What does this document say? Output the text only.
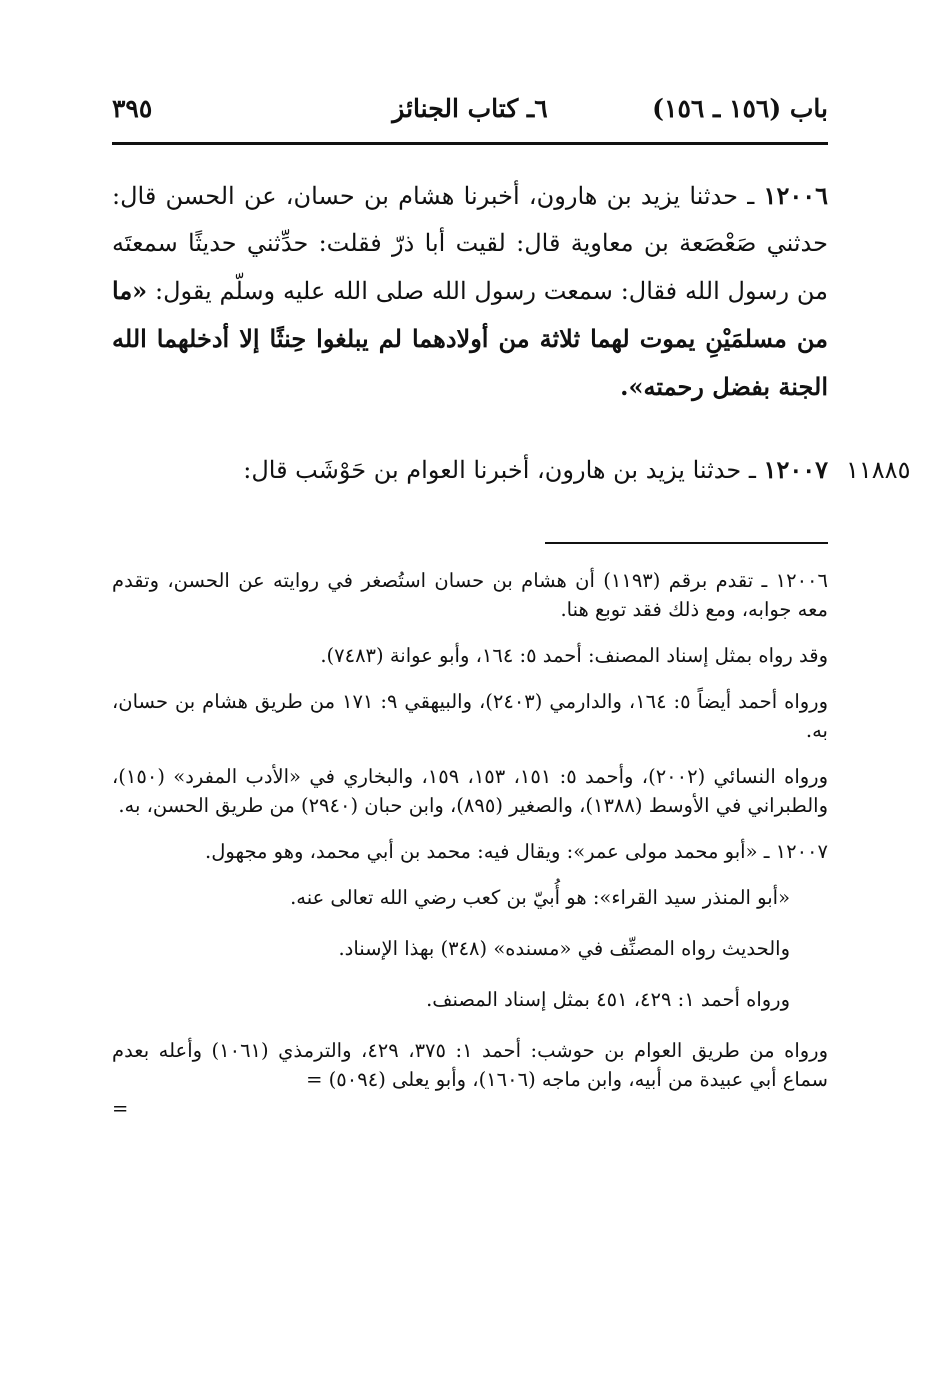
باب (١٥٦ ـ ١٥٦)
٦ـ كتاب الجنائز
٣٩٥

١٢٠٠٦ ـ حدثنا يزيد بن هارون، أخبرنا هشام بن حسان، عن الحسن قال: حدثني صَعْصَعة بن معاوية قال: لقيت أبا ذرّ فقلت: حدِّثني حديثًا سمعتَه من رسول الله فقال: سمعت رسول الله صلى الله عليه وسلّم يقول: «ما من مسلمَيْنِ يموت لهما ثلاثة من أولادهما لم يبلغوا حِنثًا إلا أدخلهما الله الجنة بفضل رحمته».

١٢٠٠٧ ـ حدثنا يزيد بن هارون، أخبرنا العوام بن حَوْشَب قال:	١١٨٨٥

١٢٠٠٦ ـ تقدم برقم (١١٩٣) أن هشام بن حسان استُصغر في روايته عن الحسن، وتقدم معه جوابه، ومع ذلك فقد توبع هنا.

وقد رواه بمثل إسناد المصنف: أحمد ٥: ١٦٤، وأبو عوانة (٧٤٨٣).

ورواه أحمد أيضاً ٥: ١٦٤، والدارمي (٢٤٠٣)، والبيهقي ٩: ١٧١ من طريق هشام بن حسان، به.

ورواه النسائي (٢٠٠٢)، وأحمد ٥: ١٥١، ١٥٣، ١٥٩، والبخاري في «الأدب المفرد» (١٥٠)، والطبراني في الأوسط (١٣٨٨)، والصغير (٨٩٥)، وابن حبان (٢٩٤٠) من طريق الحسن، به.

١٢٠٠٧ ـ «أبو محمد مولى عمر»: ويقال فيه: محمد بن أبي محمد، وهو مجهول.

«أبو المنذر سيد القراء»: هو أُبيّ بن كعب رضي الله تعالى عنه.

والحديث رواه المصنِّف في «مسنده» (٣٤٨) بهذا الإسناد.

ورواه أحمد ١: ٤٢٩، ٤٥١ بمثل إسناد المصنف.

ورواه من طريق العوام بن حوشب: أحمد ١: ٣٧٥، ٤٢٩، والترمذي (١٠٦١) وأعله بعدم سماع أبي عبيدة من أبيه، وابن ماجه (١٦٠٦)، وأبو يعلى (٥٠٩٤) =

=
